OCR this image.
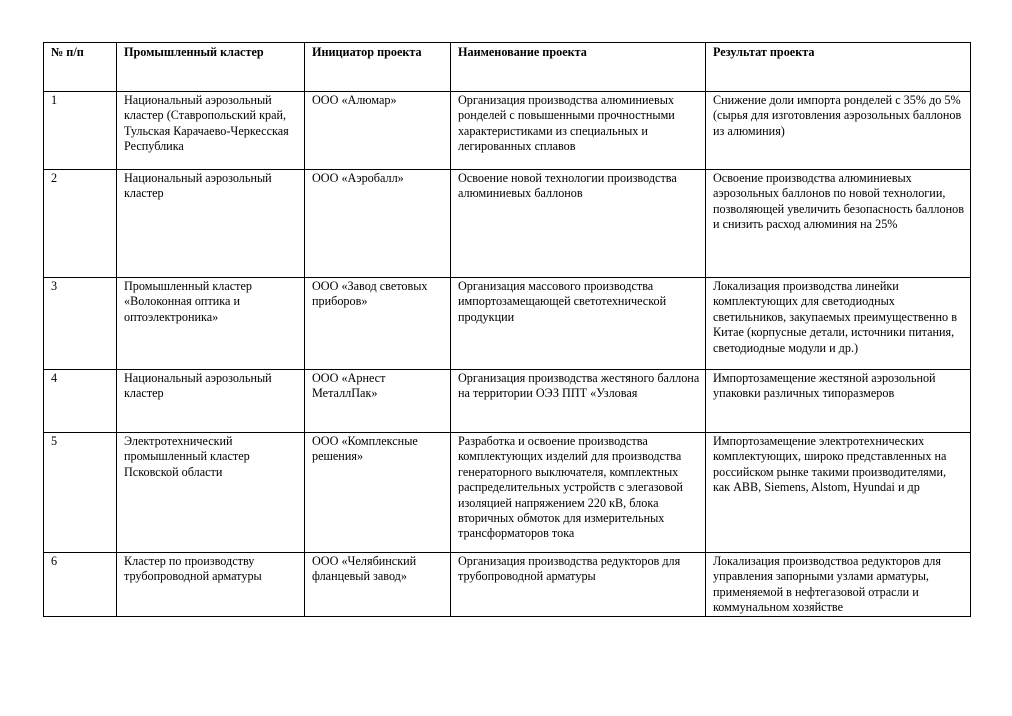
№ п/п	Промышленный кластер	Инициатор проекта	Наименование проекта	Результат проекта
1	Национальный аэрозольный кластер (Ставропольский край, Тульская Карачаево-Черкесская Республика	ООО «Алюмар»	Организация производства алюминиевых ронделей с повышенными прочностными характеристиками из специальных и легированных сплавов	Снижение доли импорта ронделей с 35% до 5% (сырья для изготовления аэрозольных баллонов из алюминия)
2	Национальный аэрозольный кластер	ООО «Аэробалл»	Освоение новой технологии производства алюминиевых баллонов	Освоение производства алюминиевых аэрозольных баллонов по новой технологии, позволяющей увеличить безопасность баллонов и снизить расход алюминия на 25%
3	Промышленный кластер «Волоконная оптика и оптоэлектроника»	ООО «Завод световых приборов»	Организация массового производства импортозамещающей светотехнической продукции	Локализация производства линейки комплектующих для светодиодных светильников, закупаемых преимущественно в Китае (корпусные детали, источники питания, светодиодные модули и др.)
4	Национальный аэрозольный кластер	ООО «Арнест МеталлПак»	Организация производства жестяного баллона на территории ОЭЗ ППТ «Узловая	Импортозамещение жестяной аэрозольной упаковки различных типоразмеров
5	Электротехнический промышленный кластер Псковской области	ООО «Комплексные решения»	Разработка и освоение производства комплектующих изделий для производства генераторного выключателя, комплектных распределительных устройств с элегазовой изоляцией напряжением 220 кВ, блока вторичных обмоток для измерительных трансформаторов тока	Импортозамещение электротехнических комплектующих, широко представленных на российском рынке такими производителями, как ABB, Siemens, Alstom, Hyundai и др
6	Кластер по производству трубопроводной арматуры	ООО «Челябинский фланцевый завод»	Организация производства редукторов для трубопроводной арматуры	Локализация производствоа редукторов для управления запорными узлами арматуры, применяемой в нефтегазовой отрасли и коммунальном хозяйстве
